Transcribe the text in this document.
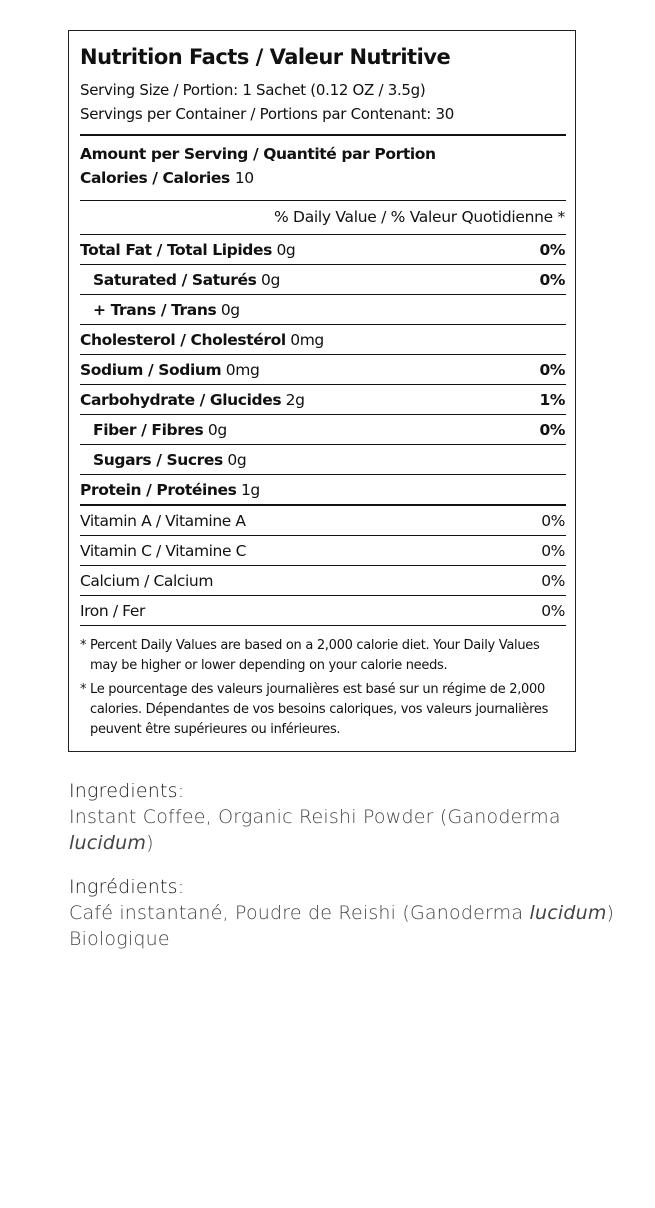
Nutrition Facts / Valeur Nutritive
Serving Size / Portion: 1 Sachet (0.12 OZ / 3.5g)
Servings per Container / Portions par Contenant: 30
Amount per Serving / Quantité par Portion
Calories / Calories 10
% Daily Value / % Valeur Quotidienne *
Total Fat / Total Lipides 0g	0%
Saturated / Saturés 0g	0%
+ Trans / Trans 0g
Cholesterol / Cholestérol 0mg
Sodium / Sodium 0mg	0%
Carbohydrate / Glucides 2g	1%
Fiber / Fibres 0g	0%
Sugars / Sucres 0g
Protein / Protéines 1g
Vitamin A / Vitamine A	0%
Vitamin C / Vitamine C	0%
Calcium / Calcium	0%
Iron / Fer	0%
* Percent Daily Values are based on a 2,000 calorie diet. Your Daily Values may be higher or lower depending on your calorie needs.
* Le pourcentage des valeurs journalières est basé sur un régime de 2,000 calories. Dépendantes de vos besoins caloriques, vos valeurs journalières peuvent être supérieures ou inférieures.
Ingredients:
Instant Coffee, Organic Reishi Powder (Ganoderma lucidum)
Ingrédients:
Café instantané, Poudre de Reishi (Ganoderma lucidum) Biologique
